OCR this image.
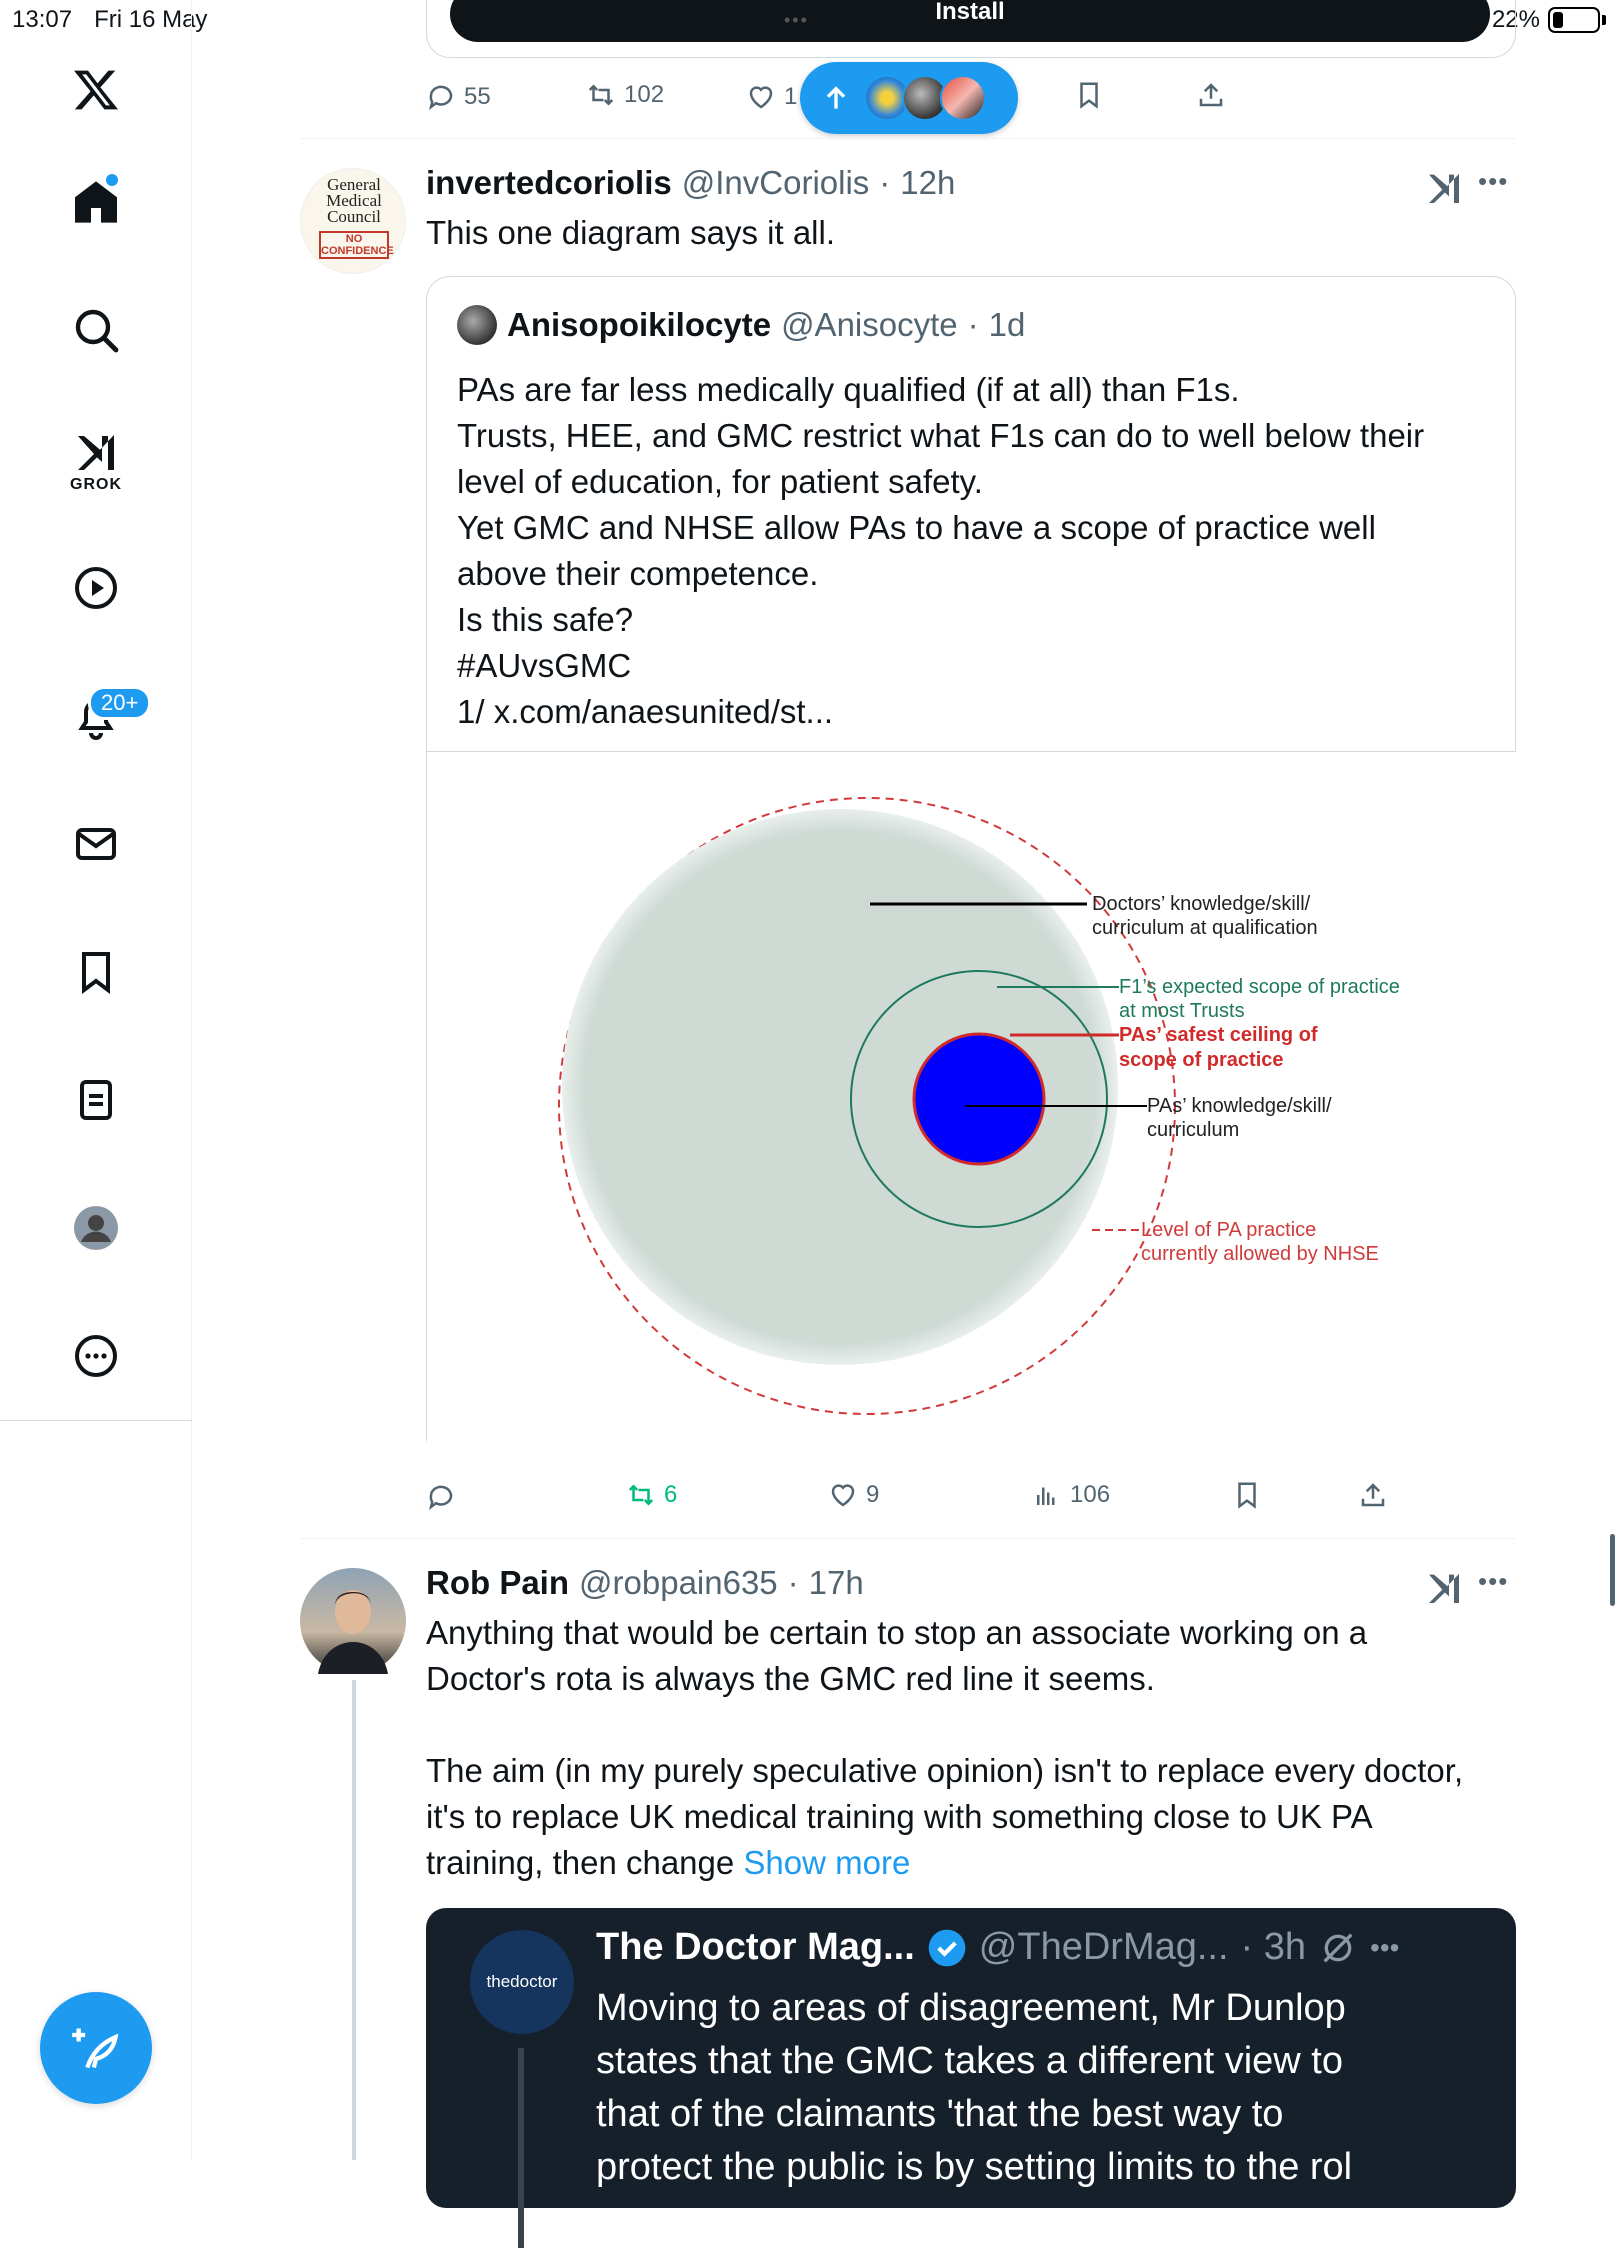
13:07 Fri 16 May	22%
GROK
20+
Install
•••
55	102	1
General
Medical
Council
NO
CONFIDENCE
invertedcoriolis @InvCoriolis · 12h	•••
This one diagram says it all.
Anisopoikilocyte @Anisocyte · 1d
PAs are far less medically qualified (if at all) than F1s.
Trusts, HEE, and GMC restrict what F1s can do to well below their
level of education, for patient safety.
Yet GMC and NHSE allow PAs to have a scope of practice well
above their competence.
Is this safe?
#AUvsGMC
1/ x.com/anaesunited/st...
Doctors’ knowledge/skill/
curriculum at qualification
F1’s expected scope of practice
at most Trusts
PAs’ safest ceiling of
scope of practice
PAs’ knowledge/skill/
curriculum
Level of PA practice
currently allowed by NHSE
6	9	106
Rob Pain @robpain635 · 17h	•••
Anything that would be certain to stop an associate working on a
Doctor's rota is always the GMC red line it seems.
The aim (in my purely speculative opinion) isn't to replace every doctor,
it's to replace UK medical training with something close to UK PA
training, then change Show more
thedoctor
The Doctor Mag... @TheDrMag... · 3h •••
Moving to areas of disagreement, Mr Dunlop
states that the GMC takes a different view to
that of the claimants 'that the best way to
protect the public is by setting limits to the rol
